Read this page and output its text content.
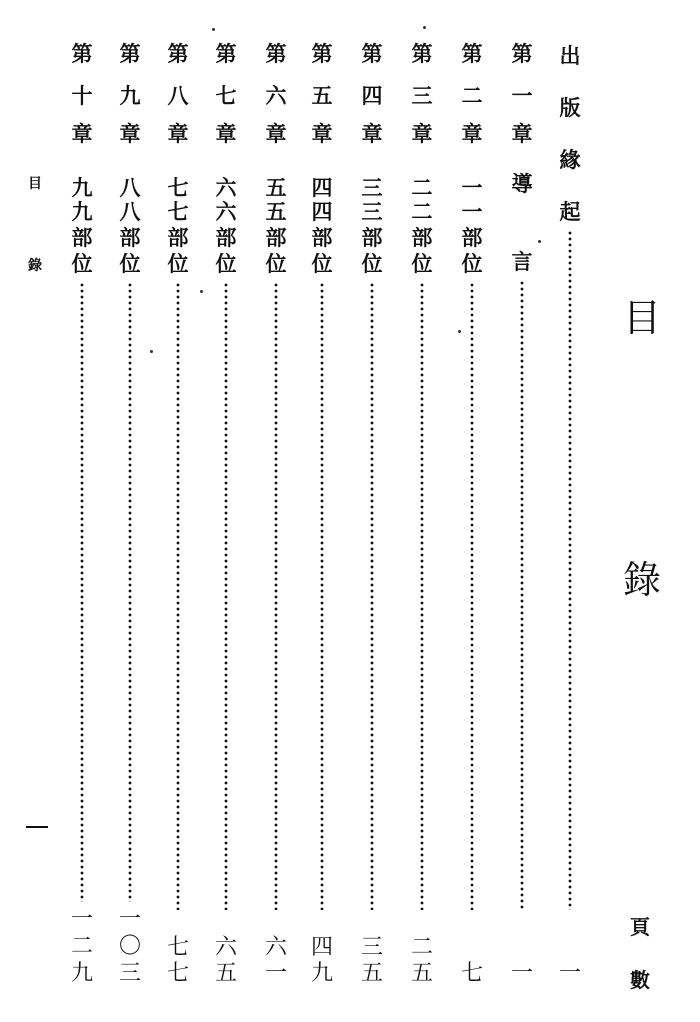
目
錄
目
錄
頁
數
出
版
緣
起
一
第
一
章
導
言
一
第
二
章
一
一
部
位
七
第
三
章
二
二
部
位
二
五
第
四
章
三
三
部
位
三
五
第
五
章
四
四
部
位
四
九
第
六
章
五
五
部
位
六
一
第
七
章
六
六
部
位
六
五
第
八
章
七
七
部
位
七
七
第
九
章
八
八
部
位
一
〇
三
第
十
章
九
九
部
位
一
二
九
